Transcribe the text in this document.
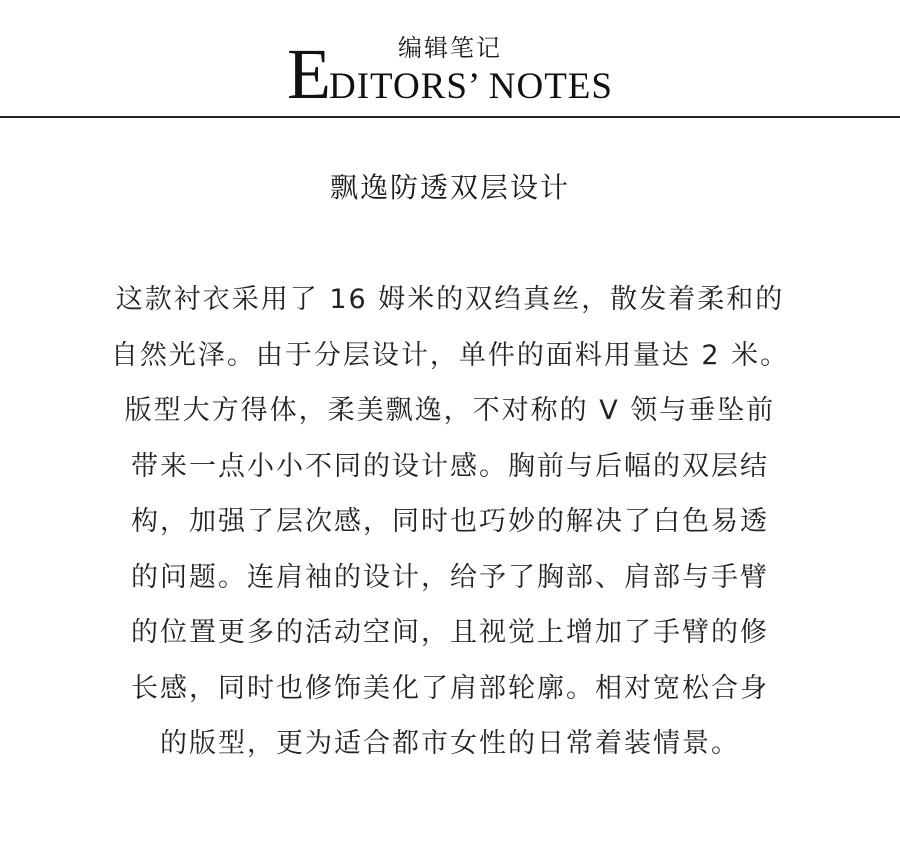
编辑笔记
EDITORS’ NOTES
飘逸防透双层设计
这款衬衣采用了 16 姆米的双绉真丝，散发着柔和的
自然光泽。由于分层设计，单件的面料用量达 2 米。
版型大方得体，柔美飘逸，不对称的 V 领与垂坠前
带来一点小小不同的设计感。胸前与后幅的双层结
构，加强了层次感，同时也巧妙的解决了白色易透
的问题。连肩袖的设计，给予了胸部、肩部与手臂
的位置更多的活动空间，且视觉上增加了手臂的修
长感，同时也修饰美化了肩部轮廓。相对宽松合身
的版型，更为适合都市女性的日常着装情景。
